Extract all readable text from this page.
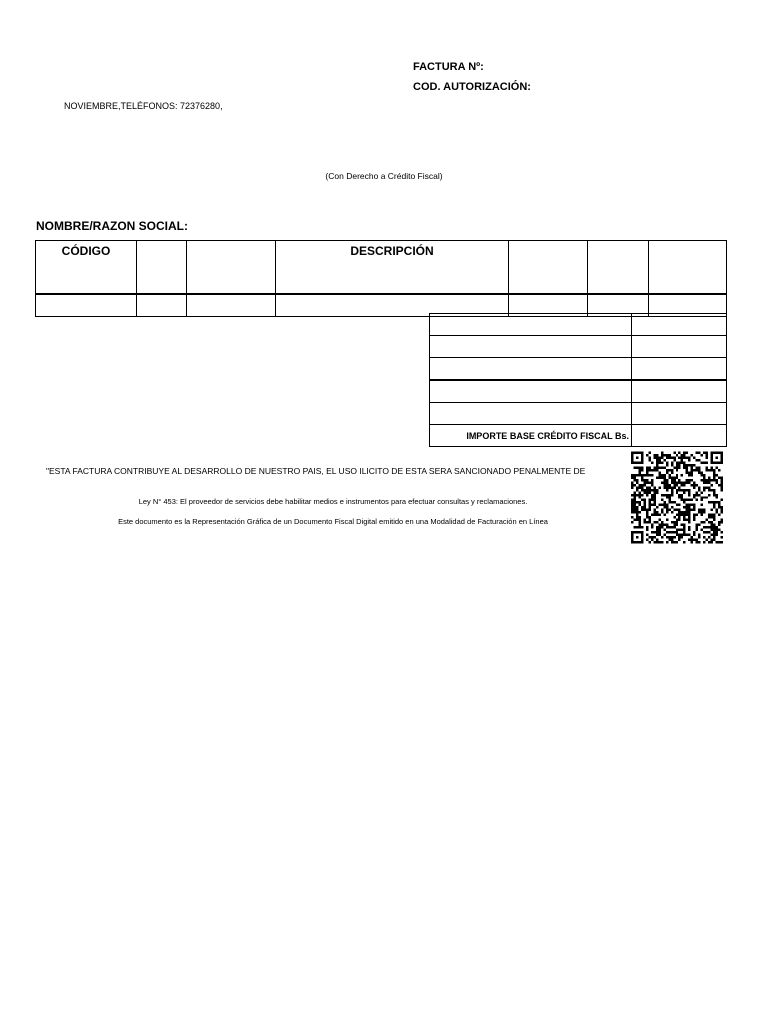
FACTURA Nº:
COD. AUTORIZACIÓN:
NOVIEMBRE,TELÉFONOS: 72376280,
(Con Derecho a Crédito Fiscal)
NOMBRE/RAZON SOCIAL:
CÓDIGO			DESCRIPCIÓN			

IMPORTE BASE CRÉDITO FISCAL Bs.	
"ESTA FACTURA CONTRIBUYE AL DESARROLLO DE NUESTRO PAIS, EL USO ILICITO DE ESTA SERA SANCIONADO PENALMENTE DE
Ley N° 453: El proveedor de servicios debe habilitar medios e instrumentos para efectuar consultas y reclamaciones.
Este documento es la Representación Gráfica de un Documento Fiscal Digital emitido en una Modalidad de Facturación en Línea
